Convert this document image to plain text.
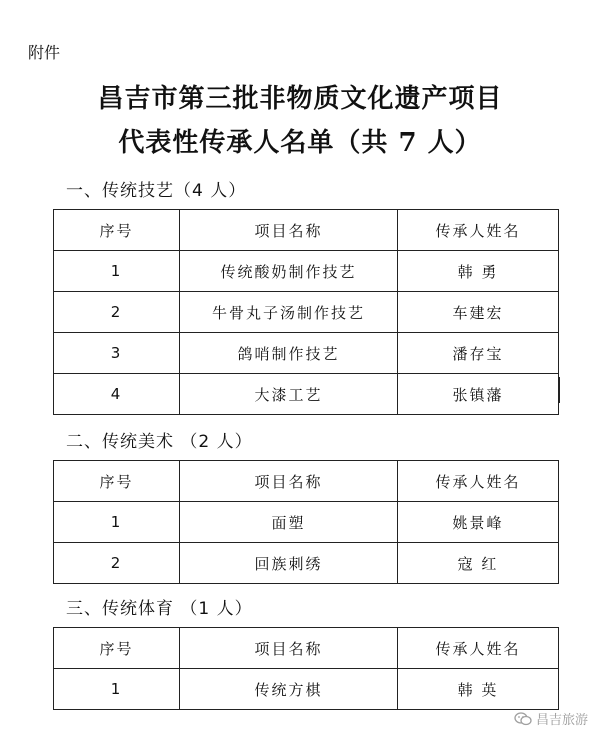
附件
昌吉市第三批非物质文化遗产项目
代表性传承人名单（共 7 人）
一、传统技艺（4 人）
序号	项目名称	传承人姓名
1	传统酸奶制作技艺	韩 勇
2	牛骨丸子汤制作技艺	车建宏
3	鸽哨制作技艺	潘存宝
4	大漆工艺	张镇藩
二、传统美术 （2 人）
序号	项目名称	传承人姓名
1	面塑	姚景峰
2	回族刺绣	寇 红
三、传统体育 （1 人）
序号	项目名称	传承人姓名
1	传统方棋	韩 英
昌吉旅游
